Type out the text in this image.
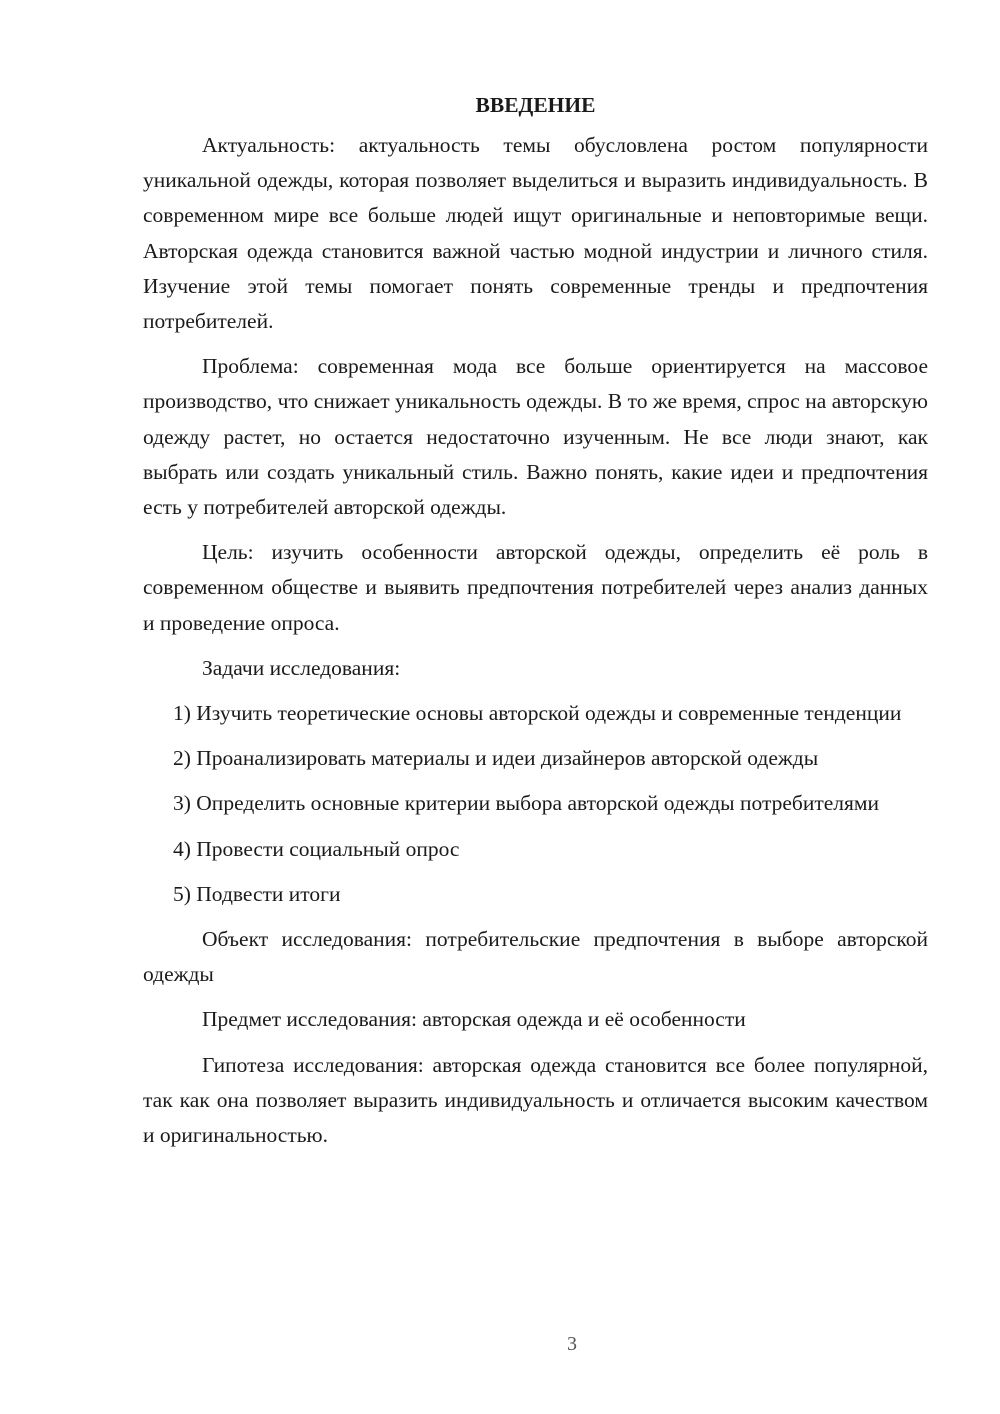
ВВЕДЕНИЕ

Актуальность: актуальность темы обусловлена ростом популярности уникальной одежды, которая позволяет выделиться и выразить индивидуальность. В современном мире все больше людей ищут оригинальные и неповторимые вещи. Авторская одежда становится важной частью модной индустрии и личного стиля. Изучение этой темы помогает понять современные тренды и предпочтения потребителей.

Проблема: современная мода все больше ориентируется на массовое производство, что снижает уникальность одежды. В то же время, спрос на авторскую одежду растет, но остается недостаточно изученным. Не все люди знают, как выбрать или создать уникальный стиль. Важно понять, какие идеи и предпочтения есть у потребителей авторской одежды.

Цель: изучить особенности авторской одежды, определить её роль в современном обществе и выявить предпочтения потребителей через анализ данных и проведение опроса.

Задачи исследования:

1) Изучить теоретические основы авторской одежды и современные тенденции

2) Проанализировать материалы и идеи дизайнеров авторской одежды

3) Определить основные критерии выбора авторской одежды потребителями

4) Провести социальный опрос

5) Подвести итоги

Объект исследования: потребительские предпочтения в выборе авторской одежды

Предмет исследования: авторская одежда и её особенности

Гипотеза исследования: авторская одежда становится все более популярной, так как она позволяет выразить индивидуальность и отличается высоким качеством и оригинальностью.

3
